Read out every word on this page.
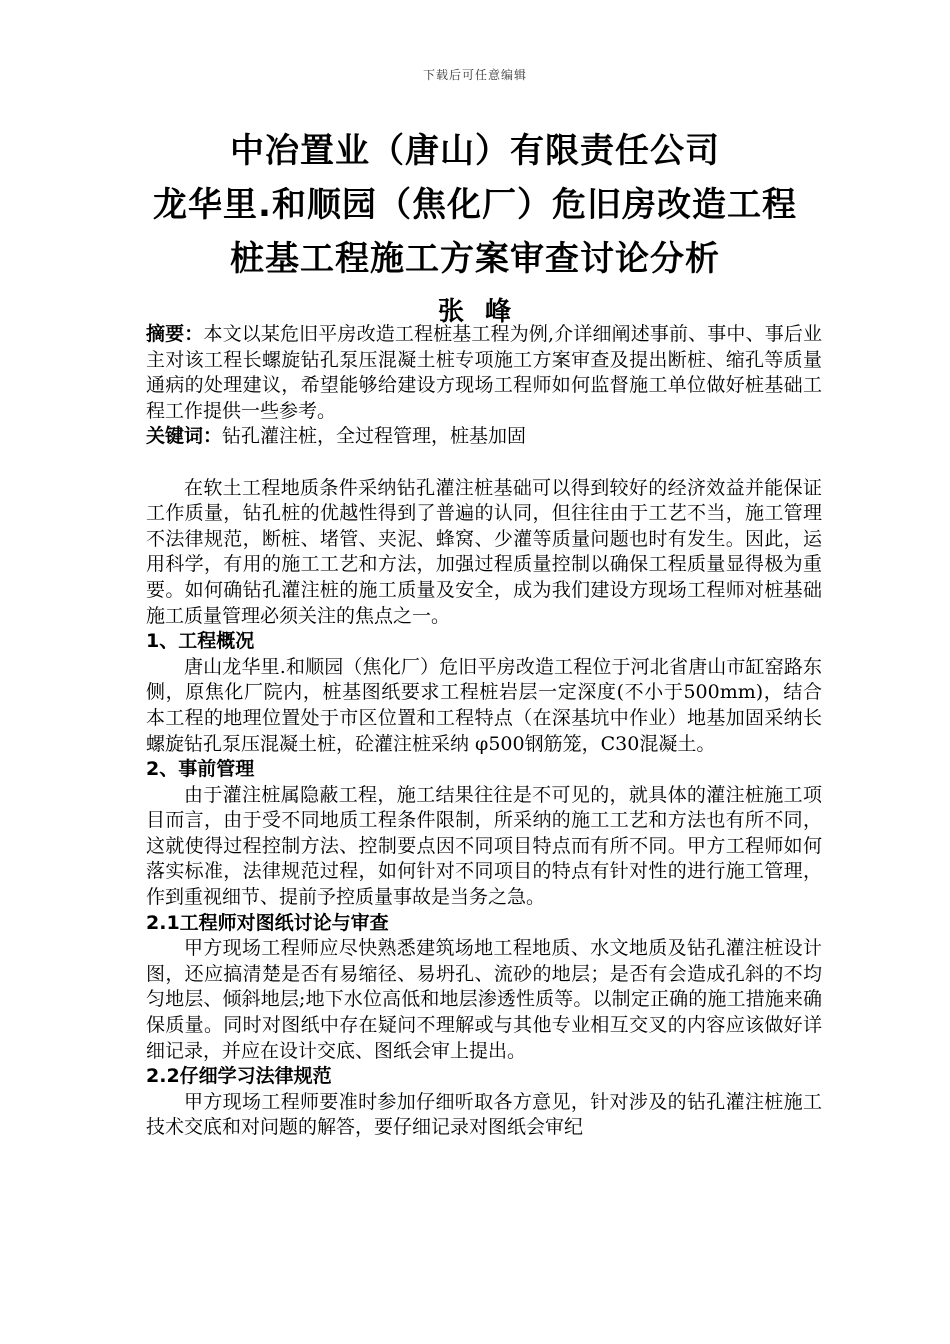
下载后可任意编辑
中冶置业（唐山）有限责任公司
龙华里.和顺园（焦化厂）危旧房改造工程
桩基工程施工方案审查讨论分析
张  峰

摘要：本文以某危旧平房改造工程桩基工程为例,介详细阐述事前、事中、事后业主对该工程长螺旋钻孔泵压混凝土桩专项施工方案审查及提出断桩、缩孔等质量通病的处理建议，希望能够给建设方现场工程师如何监督施工单位做好桩基础工程工作提供一些参考。

关键词：钻孔灌注桩，全过程管理，桩基加固

在软土工程地质条件采纳钻孔灌注桩基础可以得到较好的经济效益并能保证工作质量，钻孔桩的优越性得到了普遍的认同，但往往由于工艺不当，施工管理不法律规范，断桩、堵管、夹泥、蜂窝、少灌等质量问题也时有发生。因此，运用科学，有用的施工工艺和方法，加强过程质量控制以确保工程质量显得极为重要。如何确钻孔灌注桩的施工质量及安全，成为我们建设方现场工程师对桩基础施工质量管理必须关注的焦点之一。

1、工程概况

唐山龙华里.和顺园（焦化厂）危旧平房改造工程位于河北省唐山市缸窑路东侧，原焦化厂院内，桩基图纸要求工程桩岩层一定深度(不小于500mm)，结合本工程的地理位置处于市区位置和工程特点（在深基坑中作业）地基加固采纳长螺旋钻孔泵压混凝土桩，砼灌注桩采纳 φ500钢筋笼，C30混凝土。

2、事前管理

由于灌注桩属隐蔽工程，施工结果往往是不可见的，就具体的灌注桩施工项目而言，由于受不同地质工程条件限制，所采纳的施工工艺和方法也有所不同，这就使得过程控制方法、控制要点因不同项目特点而有所不同。甲方工程师如何落实标准，法律规范过程，如何针对不同项目的特点有针对性的进行施工管理，作到重视细节、提前予控质量事故是当务之急。

2.1工程师对图纸讨论与审查

甲方现场工程师应尽快熟悉建筑场地工程地质、水文地质及钻孔灌注桩设计图，还应搞清楚是否有易缩径、易坍孔、流砂的地层；是否有会造成孔斜的不均匀地层、倾斜地层;地下水位高低和地层渗透性质等。以制定正确的施工措施来确保质量。同时对图纸中存在疑问不理解或与其他专业相互交叉的内容应该做好详细记录，并应在设计交底、图纸会审上提出。

2.2仔细学习法律规范

甲方现场工程师要准时参加仔细听取各方意见，针对涉及的钻孔灌注桩施工技术交底和对问题的解答，要仔细记录对图纸会审纪
